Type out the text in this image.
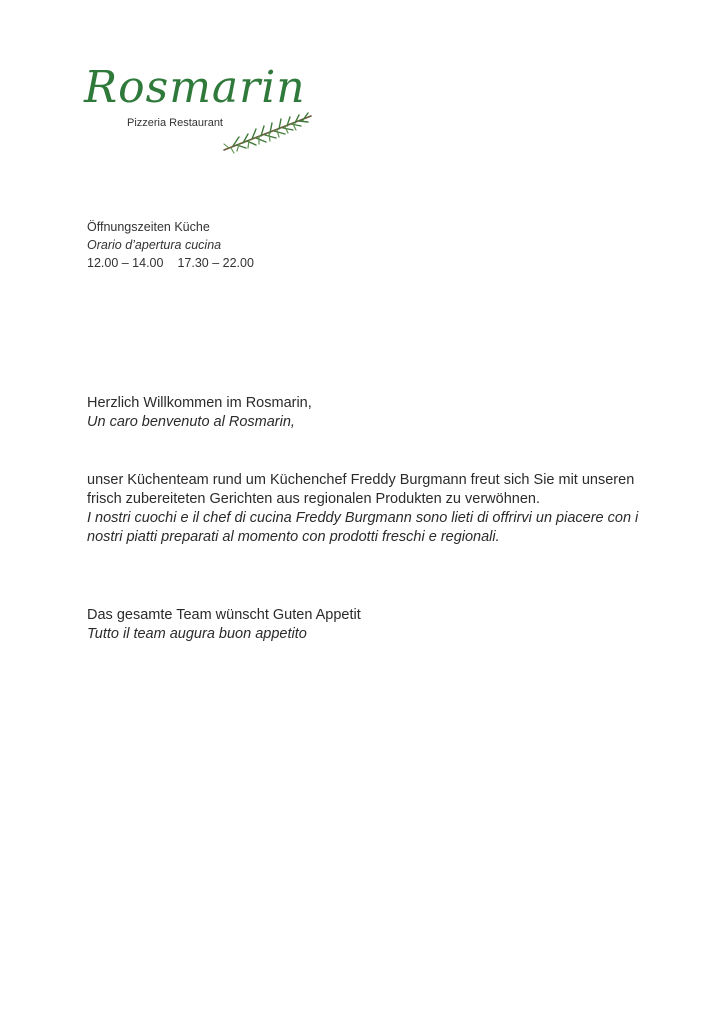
Rosmarin
Pizzeria Restaurant
Öffnungszeiten Küche
Orario d’apertura cucina
12.00 – 14.00 17.30 – 22.00
Herzlich Willkommen im Rosmarin,
Un caro benvenuto al Rosmarin,
unser Küchenteam rund um Küchenchef Freddy Burgmann freut sich Sie mit unseren
frisch zubereiteten Gerichten aus regionalen Produkten zu verwöhnen.
I nostri cuochi e il chef di cucina Freddy Burgmann sono lieti di offrirvi un piacere con i
nostri piatti preparati al momento con prodotti freschi e regionali.
Das gesamte Team wünscht Guten Appetit
Tutto il team augura buon appetito
